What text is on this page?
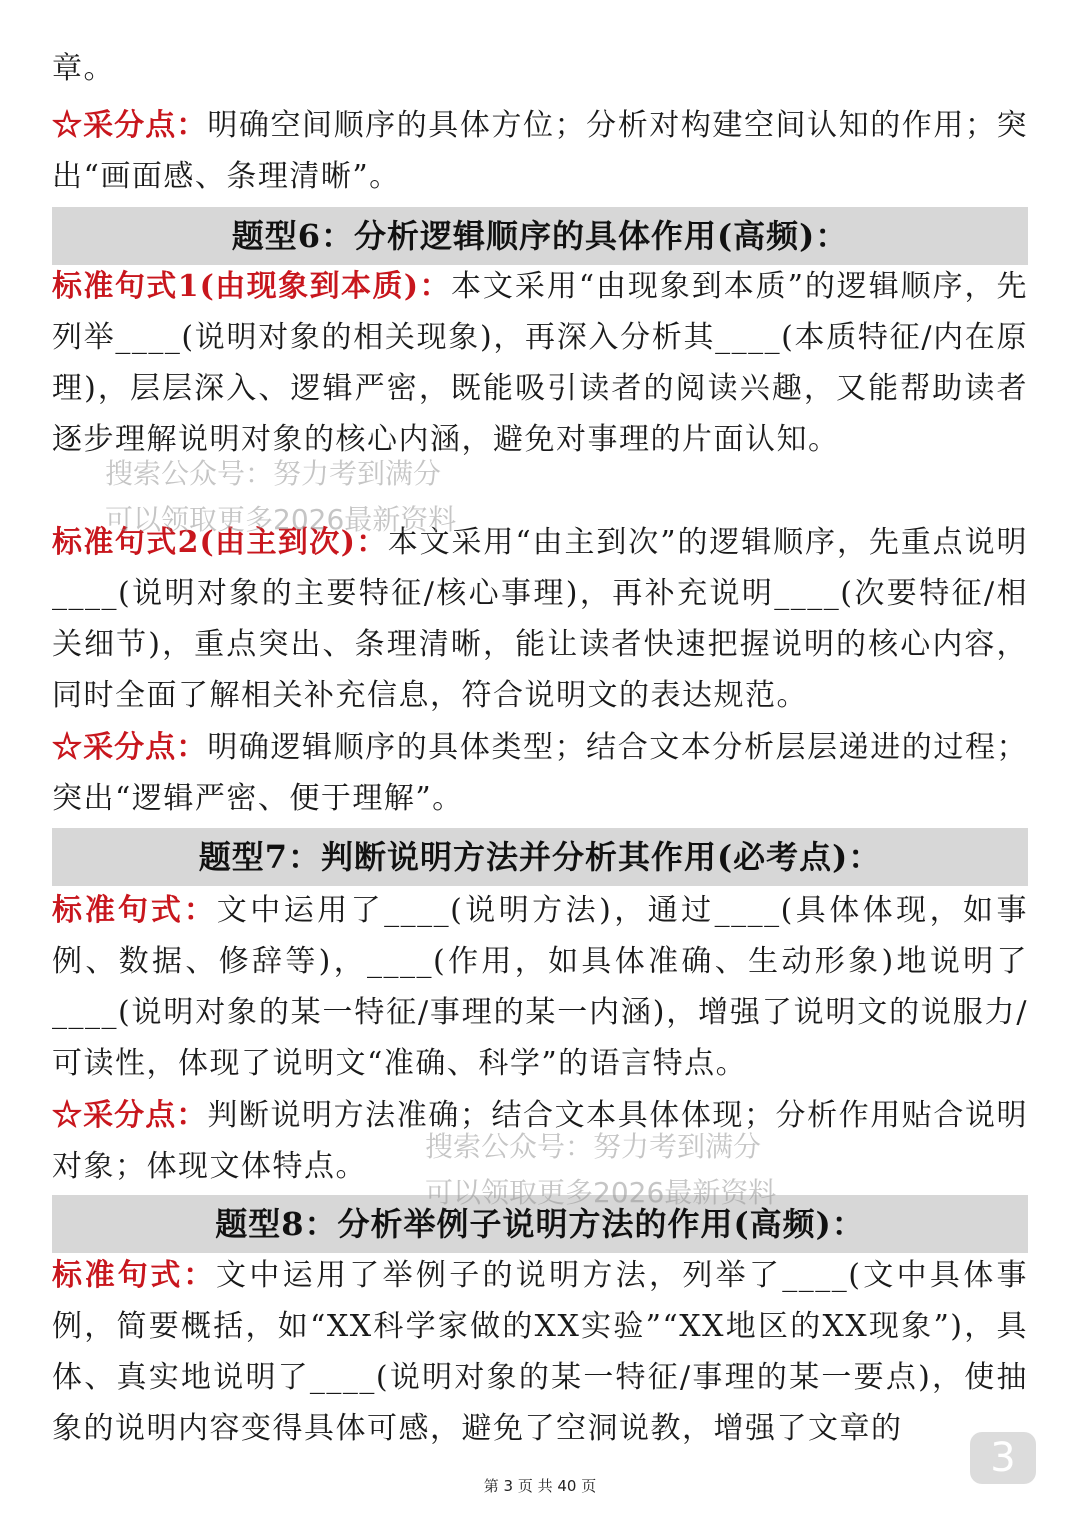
章。

☆采分点：明确空间顺序的具体方位；分析对构建空间认知的作用；突出“画面感、条理清晰”。

题型6：分析逻辑顺序的具体作用(高频)：

标准句式1(由现象到本质)：本文采用“由现象到本质”的逻辑顺序，先列举____(说明对象的相关现象)，再深入分析其____(本质特征/内在原理)，层层深入、逻辑严密，既能吸引读者的阅读兴趣，又能帮助读者逐步理解说明对象的核心内涵，避免对事理的片面认知。

标准句式2(由主到次)：本文采用“由主到次”的逻辑顺序，先重点说明____(说明对象的主要特征/核心事理)，再补充说明____(次要特征/相关细节)，重点突出、条理清晰，能让读者快速把握说明的核心内容，同时全面了解相关补充信息，符合说明文的表达规范。

☆采分点：明确逻辑顺序的具体类型；结合文本分析层层递进的过程；突出“逻辑严密、便于理解”。

题型7：判断说明方法并分析其作用(必考点)：

标准句式：文中运用了____(说明方法)，通过____(具体体现，如事例、数据、修辞等)，____(作用，如具体准确、生动形象)地说明了____(说明对象的某一特征/事理的某一内涵)，增强了说明文的说服力/可读性，体现了说明文“准确、科学”的语言特点。

☆采分点：判断说明方法准确；结合文本具体体现；分析作用贴合说明对象；体现文体特点。

题型8：分析举例子说明方法的作用(高频)：

标准句式：文中运用了举例子的说明方法，列举了____(文中具体事例，简要概括，如“XX科学家做的XX实验”“XX地区的XX现象”)，具体、真实地说明了____(说明对象的某一特征/事理的某一要点)，使抽象的说明内容变得具体可感，避免了空洞说教，增强了文章的

搜索公众号：努力考到满分
可以领取更多2026最新资料
搜索公众号：努力考到满分
可以领取更多2026最新资料
3
第 3 页 共 40 页
